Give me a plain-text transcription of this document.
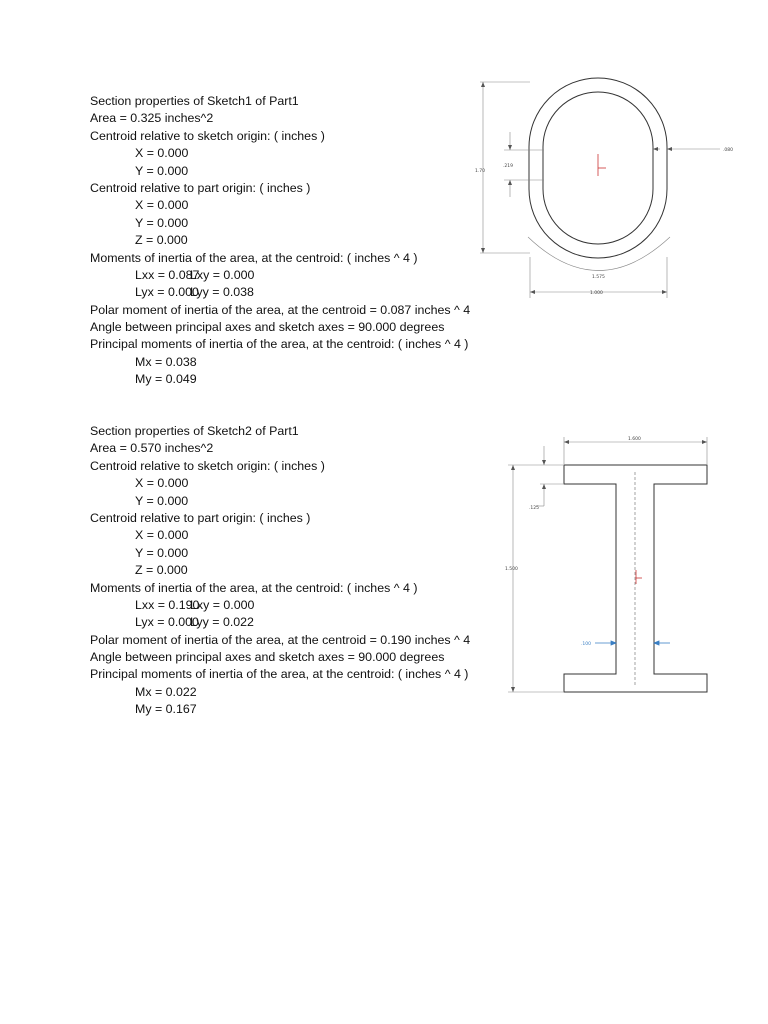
Section properties of Sketch1 of Part1
Area = 0.325 inches^2
Centroid relative to sketch origin: ( inches )
X = 0.000
Y = 0.000
Centroid relative to part origin: ( inches )
X = 0.000
Y = 0.000
Z = 0.000
Moments of inertia of the area, at the centroid: ( inches ^ 4 )
Lxx = 0.087Lxy = 0.000
Lyx = 0.000Lyy = 0.038
Polar moment of inertia of the area, at the centroid = 0.087 inches ^ 4
Angle between principal axes and sketch axes = 90.000 degrees
Principal moments of inertia of the area, at the centroid: ( inches ^ 4 )
Mx = 0.038
My = 0.049
Section properties of Sketch2 of Part1
Area = 0.570 inches^2
Centroid relative to sketch origin: ( inches )
X = 0.000
Y = 0.000
Centroid relative to part origin: ( inches )
X = 0.000
Y = 0.000
Z = 0.000
Moments of inertia of the area, at the centroid: ( inches ^ 4 )
Lxx = 0.190Lxy = 0.000
Lyx = 0.000Lyy = 0.022
Polar moment of inertia of the area, at the centroid = 0.190 inches ^ 4
Angle between principal axes and sketch axes = 90.000 degrees
Principal moments of inertia of the area, at the centroid: ( inches ^ 4 )
Mx = 0.022
My = 0.167
1.70
.219
.080
1.575
1.000
1.600
.125
1.500
.100
